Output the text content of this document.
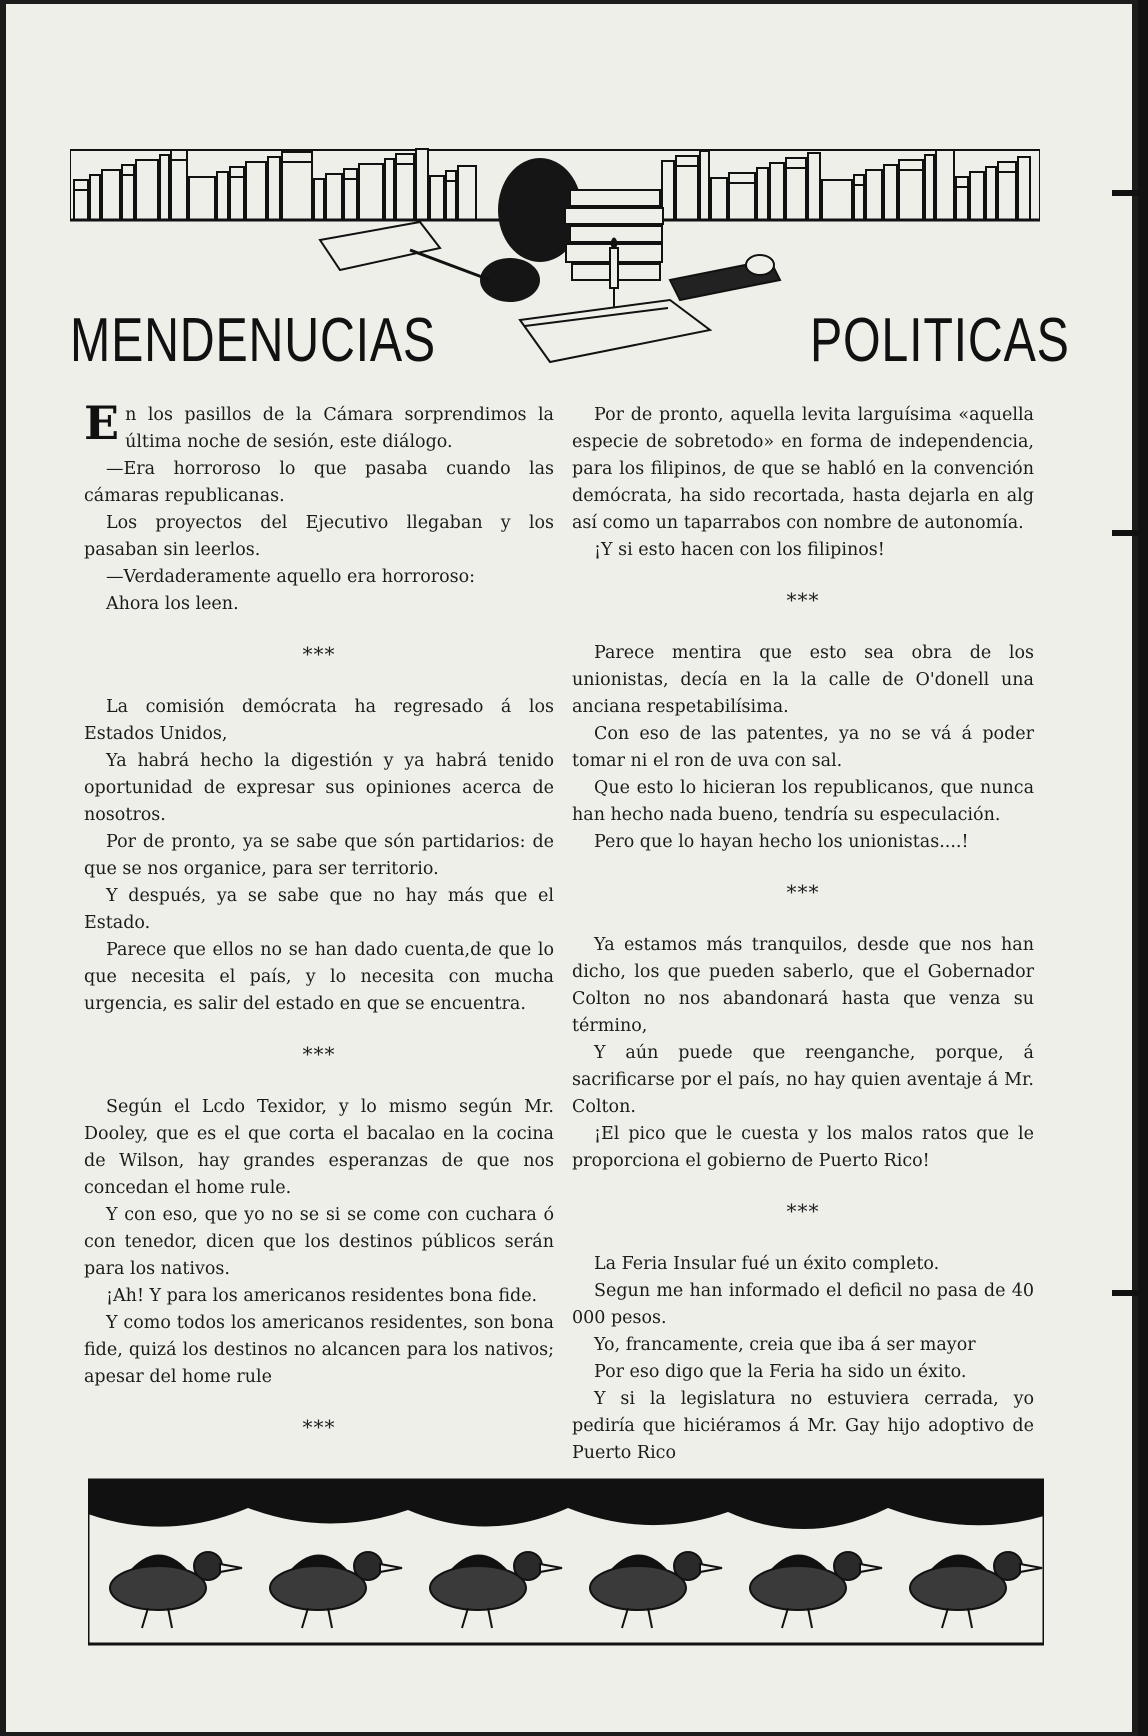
MENDENUCIAS	POLITICAS

En los pasillos de la Cámara sorprendimos la última noche de sesión, este diálogo.

—Era horroroso lo que pasaba cuando las cámaras republicanas.

Los proyectos del Ejecutivo llegaban y los pasaban sin leerlos.

—Verdaderamente aquello era horroroso:

Ahora los leen.

***

La comisión demócrata ha regresado á los Estados Unidos,

Ya habrá hecho la digestión y ya habrá tenido oportunidad de expresar sus opiniones acerca de nosotros.

Por de pronto, ya se sabe que són partidarios: de que se nos organice, para ser territorio.

Y después, ya se sabe que no hay más que el Estado.

Parece que ellos no se han dado cuenta,de que lo que necesita el país, y lo necesita con mucha urgencia, es salir del estado en que se encuentra.

***

Según el Lcdo Texidor, y lo mismo según Mr. Dooley, que es el que corta el bacalao en la cocina de Wilson, hay grandes esperanzas de que nos concedan el home rule.

Y con eso, que yo no se si se come con cuchara ó con tenedor, dicen que los destinos públicos serán para los nativos.

¡Ah! Y para los americanos residentes bona fide.

Y como todos los americanos residentes, son bona fide, quizá los destinos no alcancen para los nativos; apesar del home rule

***

Por de pronto, aquella levita larguísima «aquella especie de sobretodo» en forma de independencia, para los filipinos, de que se habló en la convención demócrata, ha sido recortada, hasta dejarla en alg así como un taparrabos con nombre de autonomía.

¡Y si esto hacen con los filipinos!

***

Parece mentira que esto sea obra de los unionistas, decía en la la calle de O'donell una anciana respetabilísima.

Con eso de las patentes, ya no se vá á poder tomar ni el ron de uva con sal.

Que esto lo hicieran los republicanos, que nunca han hecho nada bueno, tendría su especulación.

Pero que lo hayan hecho los unionistas....!

***

Ya estamos más tranquilos, desde que nos han dicho, los que pueden saberlo, que el Gobernador Colton no nos abandonará hasta que venza su término,

Y aún puede que reenganche, porque, á sacrificarse por el país, no hay quien aventaje á Mr. Colton.

¡El pico que le cuesta y los malos ratos que le proporciona el gobierno de Puerto Rico!

***

La Feria Insular fué un éxito completo.

Segun me han informado el deficil no pasa de 40 000 pesos.

Yo, francamente, creia que iba á ser mayor

Por eso digo que la Feria ha sido un éxito.

Y si la legislatura no estuviera cerrada, yo pediría que hiciéramos á Mr. Gay hijo adoptivo de Puerto Rico
